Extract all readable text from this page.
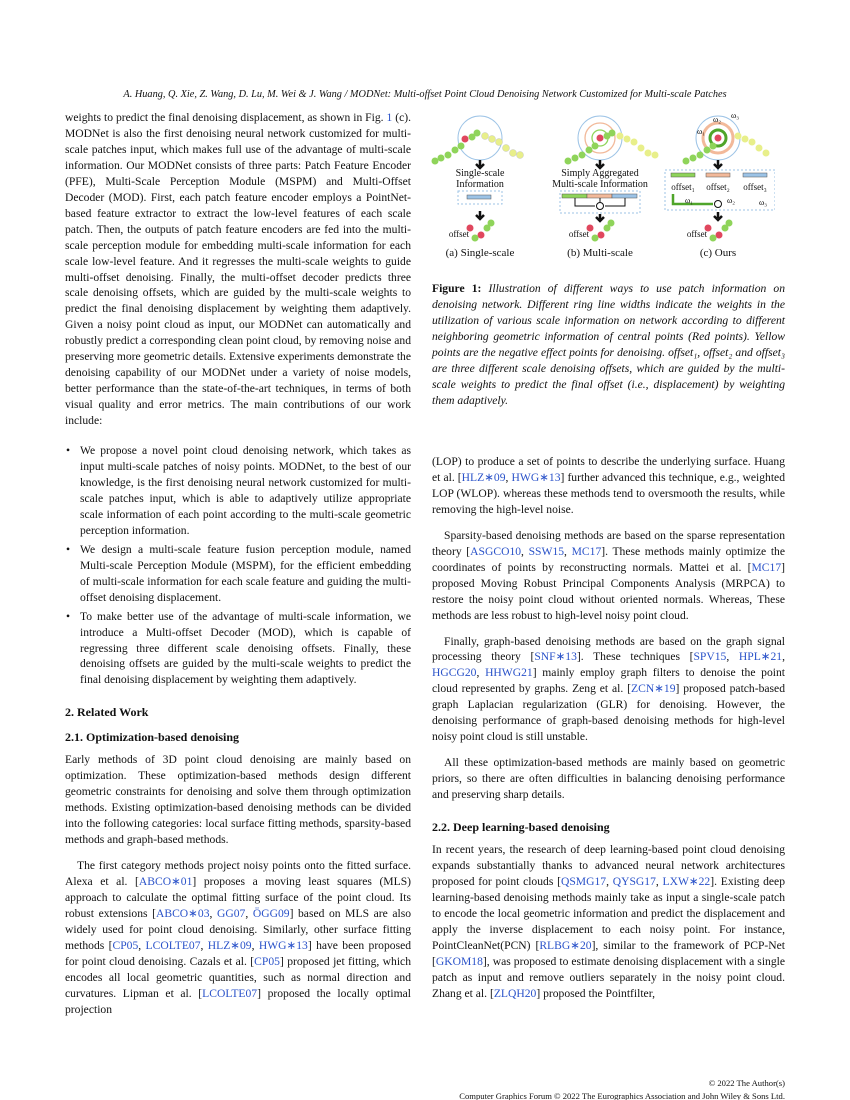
A. Huang, Q. Xie, Z. Wang, D. Lu, M. Wei & J. Wang / MODNet: Multi-offset Point Cloud Denoising Network Customized for Multi-scale Patches
weights to predict the final denoising displacement, as shown in Fig. 1 (c). MODNet is also the first denoising neural network customized for multi-scale patches input, which makes full use of the advantage of multi-scale information. Our MODNet consists of three parts: Patch Feature Encoder (PFE), Multi-Scale Perception Module (MSPM) and Multi-Offset Decoder (MOD). First, each patch feature encoder employs a PointNet-based feature extractor to extract the low-level features of each scale patch. Then, the outputs of patch feature encoders are fed into the multi-scale perception module for embedding multi-scale information for each scale low-level feature. And it regresses the multi-scale weights to guide multi-offset denoising. Finally, the multi-offset decoder predicts three scale denoising offsets, which are guided by the multi-scale weights to predict the final denoising displacement by weighting them adaptively. Given a noisy point cloud as input, our MODNet can automatically and robustly predict a corresponding clean point cloud, by removing noise and preserving more geometric details. Extensive experiments demonstrate the denoising capability of our MODNet under a variety of noise models, better performance than the state-of-the-art techniques, in terms of both visual quality and error metrics. The main contributions of our work include:
• We propose a novel point cloud denoising network, which takes as input multi-scale patches of noisy points. MODNet, to the best of our knowledge, is the first denoising neural network customized for multi-scale patches input, which is able to adaptively utilize appropriate scale information of each point according to the multi-scale geometric perception information.
• We design a multi-scale feature fusion perception module, named Multi-scale Perception Module (MSPM), for the efficient embedding of multi-scale information for each scale feature and guiding the multi-offset denoising displacement.
• To make better use of the advantage of multi-scale information, we introduce a Multi-offset Decoder (MOD), which is capable of regressing three different scale denoising offsets. Finally, these denoising offsets are guided by the multi-scale weights to predict the final denoising displacement by weighting them adaptively.
2. Related Work
2.1. Optimization-based denoising
Early methods of 3D point cloud denoising are mainly based on optimization. These optimization-based methods design different geometric constraints for denoising and solve them through optimization methods. Existing optimization-based denoising methods can be divided into the following categories: local surface fitting methods, sparsity-based methods and graph-based methods.
The first category methods project noisy points onto the fitted surface. Alexa et al. [ABCO∗01] proposes a moving least squares (MLS) approach to calculate the optimal fitting surface of the point cloud. Its robust extensions [ABCO∗03, GG07, ÖGG09] based on MLS are also widely used for point cloud denoising. Similarly, other surface fitting methods [CP05, LCOLTE07, HLZ∗09, HWG∗13] have been proposed for point cloud denoising. Cazals et al. [CP05] proposed jet fitting, which encodes all local geometric quantities, such as normal direction and curvatures. Lipman et al. [LCOLTE07] proposed the locally optimal projection
Single-scale
Information
offset
(a) Single-scale
Simply Aggregated
Multi-scale Information
offset
(b) Multi-scale
ω₁
ω₂ ω₃
offset₁ offset₂ offset₃
ω₁	ω₂	ω₃
offset
(c) Ours
Figure 1: Illustration of different ways to use patch information on denoising network. Different ring line widths indicate the weights in the utilization of various scale information on network according to different neighboring geometric information of central points (Red points). Yellow points are the negative effect points for denoising. offset₁, offset₂ and offset₃ are three different scale denoising offsets, which are guided by the multi-scale weights to predict the final offset (i.e., displacement) by weighting them adaptively.
(LOP) to produce a set of points to describe the underlying surface. Huang et al. [HLZ∗09, HWG∗13] further advanced this technique, e.g., weighted LOP (WLOP). whereas these methods tend to oversmooth the results, while removing the high-level noise.
Sparsity-based denoising methods are based on the sparse representation theory [ASGCO10, SSW15, MC17]. These methods mainly optimize the coordinates of points by reconstructing normals. Mattei et al. [MC17] proposed Moving Robust Principal Components Analysis (MRPCA) to restore the noisy point cloud without oriented normals. Whereas, These methods are less robust to high-level noisy point cloud.
Finally, graph-based denoising methods are based on the graph signal processing theory [SNF∗13]. These techniques [SPV15, HPL∗21, HGCG20, HHWG21] mainly employ graph filters to denoise the point cloud represented by graphs. Zeng et al. [ZCN∗19] proposed patch-based graph Laplacian regularization (GLR) for denoising. However, the denoising performance of graph-based denoising methods for high-level noisy point cloud is still unstable.
All these optimization-based methods are mainly based on geometric priors, so there are often difficulties in balancing denoising performance and preserving sharp details.
2.2. Deep learning-based denoising
In recent years, the research of deep learning-based point cloud denoising expands substantially thanks to advanced neural network architectures proposed for point clouds [QSMG17, QYSG17, LXW∗22]. Existing deep learning-based denoising methods mainly take as input a single-scale patch to encode the local geometric information and predict the displacement and apply the inverse displacement to each noisy point. For instance, PointCleanNet(PCN) [RLBG∗20], similar to the framework of PCP-Net [GKOM18], was proposed to estimate denoising displacement with a single patch as input and remove outliers separately in the noisy point cloud. Zhang et al. [ZLQH20] proposed the Pointfilter,
© 2022 The Author(s)
Computer Graphics Forum © 2022 The Eurographics Association and John Wiley & Sons Ltd.
